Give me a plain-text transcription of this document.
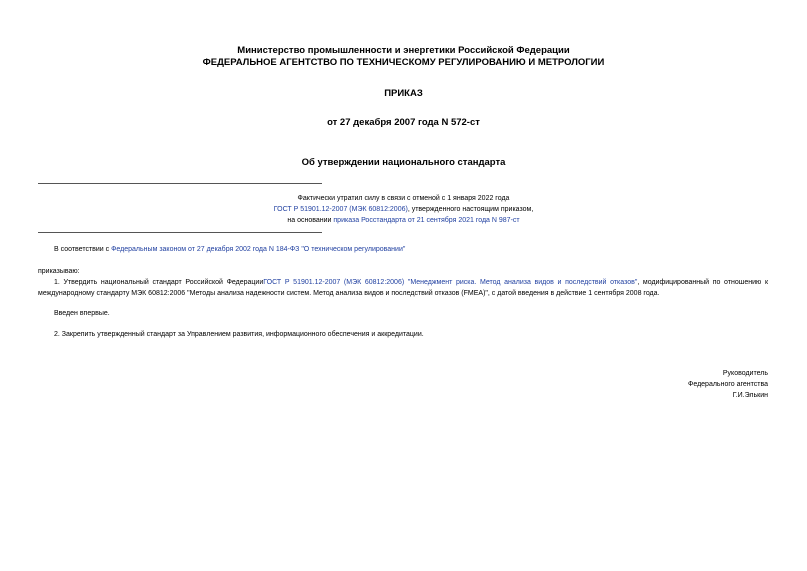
Министерство промышленности и энергетики Российской Федерации
ФЕДЕРАЛЬНОЕ АГЕНТСТВО ПО ТЕХНИЧЕСКОМУ РЕГУЛИРОВАНИЮ И МЕТРОЛОГИИ
ПРИКАЗ
от 27 декабря 2007 года N 572-ст
Об утверждении национального стандарта
Фактически утратил силу в связи с отменой с 1 января 2022 года
ГОСТ Р 51901.12-2007 (МЭК 60812:2006), утвержденного настоящим приказом,
на основании приказа Росстандарта от 21 сентября 2021 года N 987-ст
В соответствии с Федеральным законом от 27 декабря 2002 года N 184-ФЗ "О техническом регулировании"
приказываю:
1. Утвердить национальный стандарт Российской ФедерацииГОСТ Р 51901.12-2007 (МЭК 60812:2006) "Менеджмент риска. Метод анализа видов и последствий отказов", модифицированный по отношению к международному стандарту МЭК 60812:2006 "Методы анализа надежности систем. Метод анализа видов и последствий отказов (FMEA)", с датой введения в действие 1 сентября 2008 года.
Введен впервые.
2. Закрепить утвержденный стандарт за Управлением развития, информационного обеспечения и аккредитации.
Руководитель
Федерального агентства
Г.И.Элькин
